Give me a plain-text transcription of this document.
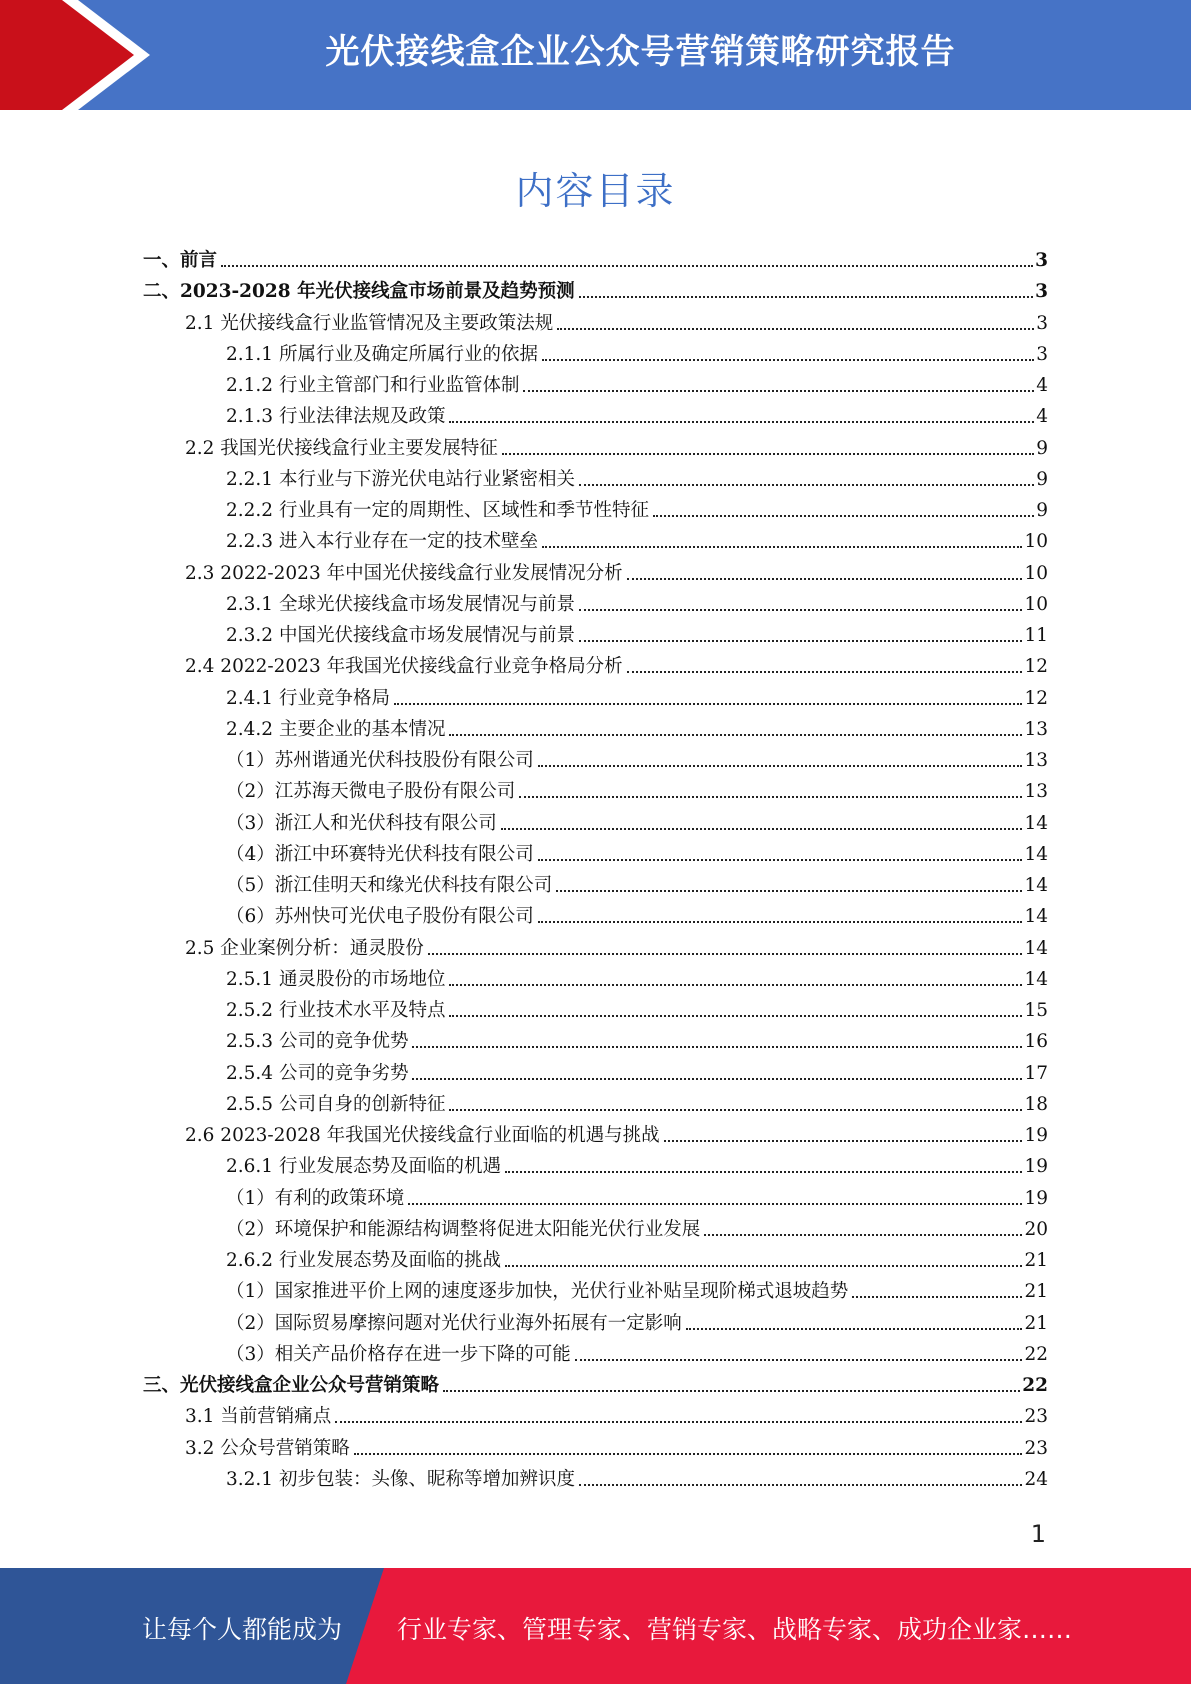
光伏接线盒企业公众号营销策略研究报告
内容目录
一、前言	3
二、2023-2028 年光伏接线盒市场前景及趋势预测	3
2.1 光伏接线盒行业监管情况及主要政策法规	3
2.1.1 所属行业及确定所属行业的依据	3
2.1.2 行业主管部门和行业监管体制	4
2.1.3 行业法律法规及政策	4
2.2 我国光伏接线盒行业主要发展特征	9
2.2.1 本行业与下游光伏电站行业紧密相关	9
2.2.2 行业具有一定的周期性、区域性和季节性特征	9
2.2.3 进入本行业存在一定的技术壁垒	10
2.3 2022-2023 年中国光伏接线盒行业发展情况分析	10
2.3.1 全球光伏接线盒市场发展情况与前景	10
2.3.2 中国光伏接线盒市场发展情况与前景	11
2.4 2022-2023 年我国光伏接线盒行业竞争格局分析	12
2.4.1 行业竞争格局	12
2.4.2 主要企业的基本情况	13
（1）苏州谐通光伏科技股份有限公司	13
（2）江苏海天微电子股份有限公司	13
（3）浙江人和光伏科技有限公司	14
（4）浙江中环赛特光伏科技有限公司	14
（5）浙江佳明天和缘光伏科技有限公司	14
（6）苏州快可光伏电子股份有限公司	14
2.5 企业案例分析：通灵股份	14
2.5.1 通灵股份的市场地位	14
2.5.2 行业技术水平及特点	15
2.5.3 公司的竞争优势	16
2.5.4 公司的竞争劣势	17
2.5.5 公司自身的创新特征	18
2.6 2023-2028 年我国光伏接线盒行业面临的机遇与挑战	19
2.6.1 行业发展态势及面临的机遇	19
（1）有利的政策环境	19
（2）环境保护和能源结构调整将促进太阳能光伏行业发展	20
2.6.2 行业发展态势及面临的挑战	21
（1）国家推进平价上网的速度逐步加快，光伏行业补贴呈现阶梯式退坡趋势	21
（2）国际贸易摩擦问题对光伏行业海外拓展有一定影响	21
（3）相关产品价格存在进一步下降的可能	22
三、光伏接线盒企业公众号营销策略	22
3.1 当前营销痛点	23
3.2 公众号营销策略	23
3.2.1 初步包装：头像、昵称等增加辨识度	24
1
让每个人都能成为 行业专家、管理专家、营销专家、战略专家、成功企业家……
